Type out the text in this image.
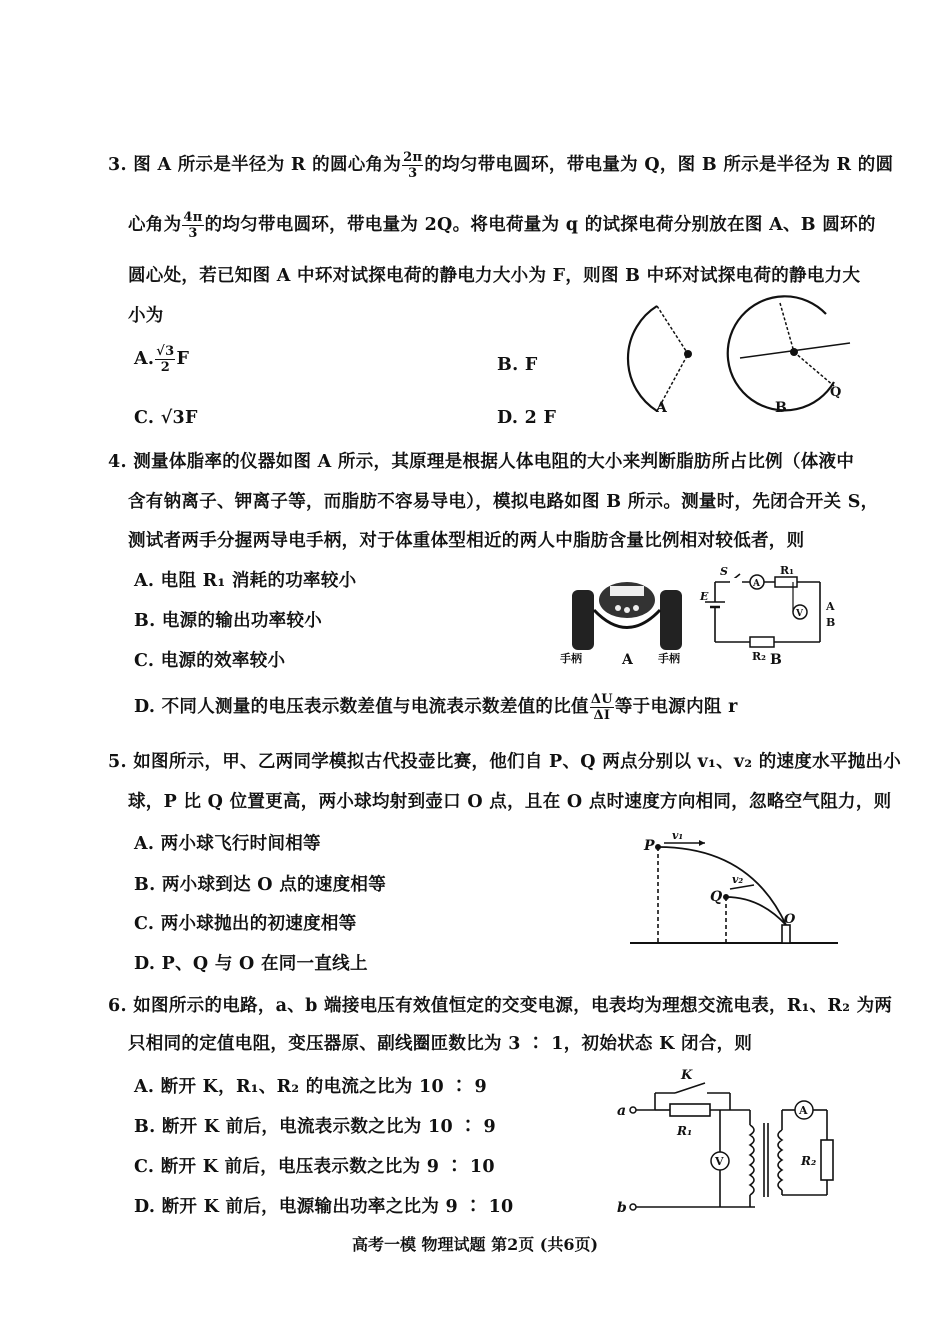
3. 图 A 所示是半径为 R 的圆心角为 $\frac{2\pi}{3}$ 的均匀带电圆环，带电量为 Q，图 B 所示是半径为 R 的圆
心角为 $\frac{4\pi}{3}$ 的均匀带电圆环，带电量为 2Q。将电荷量为 q 的试探电荷分别放在图 A、B 圆环的
圆心处，若已知图 A 中环对试探电荷的静电力大小为 F，则图 B 中环对试探电荷的静电力大
小为
A. $\frac{√3}{2}$ F	B. F
C. √3F	D. 2 F	A	B
Q
4. 测量体脂率的仪器如图 A 所示，其原理是根据人体电阻的大小来判断脂肪所占比例（体液中
含有钠离子、钾离子等，而脂肪不容易导电），模拟电路如图 B 所示。测量时，先闭合开关 S，
测试者两手分握两导电手柄，对于体重体型相近的两人中脂肪含量比例相对较低者，则
A. 电阻 R₁ 消耗的功率较小
B. 电源的输出功率较小
C. 电源的效率较小
D. 不同人测量的电压表示数差值与电流表示数差值的比值 $\frac{\Delta U}{\Delta I}$ 等于电源内阻 r
手柄	A 手柄
A
V
S	R₁
E
A
B
R₂ B
5. 如图所示，甲、乙两同学模拟古代投壶比赛，他们自 P、Q 两点分别以 v₁、v₂ 的速度水平抛出小
球，P 比 Q 位置更高，两小球均射到壶口 O 点，且在 O 点时速度方向相同，忽略空气阻力，则
A. 两小球飞行时间相等
B. 两小球到达 O 点的速度相等
C. 两小球抛出的初速度相等
D. P、Q 与 O 在同一直线上
P
Q
O
v₁
v₂
6. 如图所示的电路，a、b 端接电压有效值恒定的交变电源，电表均为理想交流电表，R₁、R₂ 为两
只相同的定值电阻，变压器原、副线圈匝数比为 3 ∶ 1，初始状态 K 闭合，则
A. 断开 K，R₁、R₂ 的电流之比为 10 ∶ 9
B. 断开 K 前后，电流表示数之比为 10 ∶ 9
C. 断开 K 前后，电压表示数之比为 9 ∶ 10
D. 断开 K 前后，电源输出功率之比为 9 ∶ 10
V
A
K
a
b
R₁
R₂
高考一模 物理试题 第2页 (共6页)
